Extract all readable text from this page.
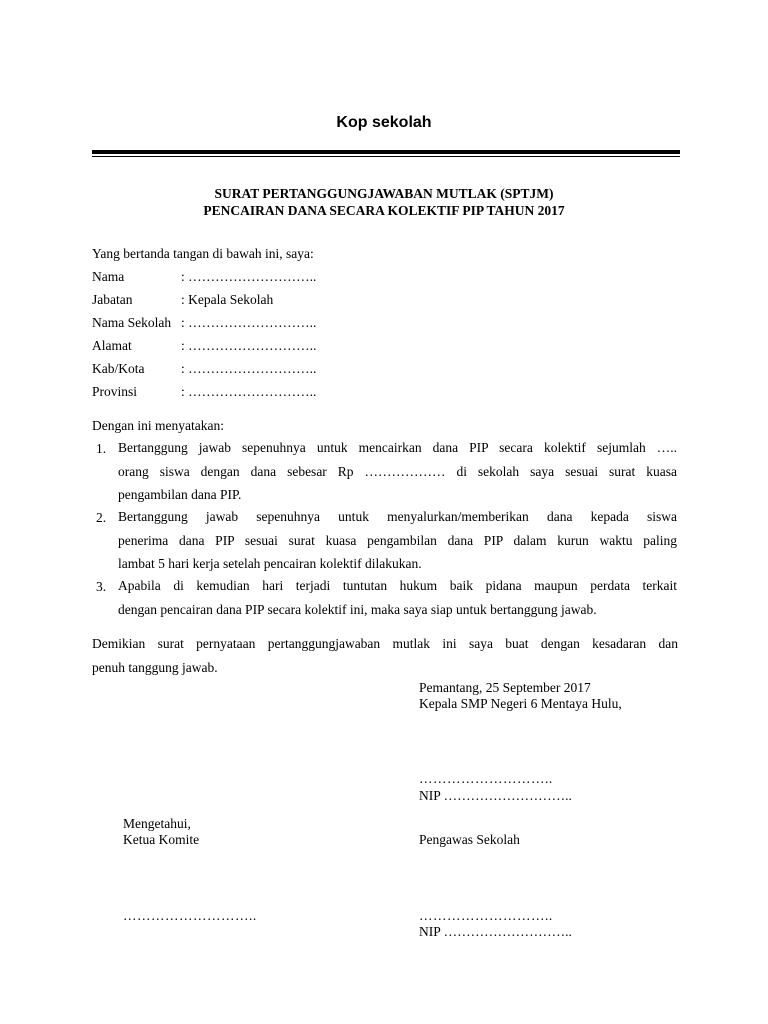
Kop sekolah
SURAT PERTANGGUNGJAWABAN MUTLAK (SPTJM)
PENCAIRAN DANA SECARA KOLEKTIF PIP TAHUN 2017
Yang bertanda tangan di bawah ini, saya:
Nama	: ………………………..
Jabatan	: Kepala Sekolah
Nama Sekolah : ………………………..
Alamat	: ………………………..
Kab/Kota	: ………………………..
Provinsi	: ………………………..
Dengan ini menyatakan:
1. Bertanggung jawab sepenuhnya untuk mencairkan dana PIP secara kolektif sejumlah …..
orang siswa dengan dana sebesar Rp ……………… di sekolah saya sesuai surat kuasa
pengambilan dana PIP.
2. Bertanggung jawab sepenuhnya untuk menyalurkan/memberikan dana kepada siswa
penerima dana PIP sesuai surat kuasa pengambilan dana PIP dalam kurun waktu paling
lambat 5 hari kerja setelah pencairan kolektif dilakukan.
3. Apabila di kemudian hari terjadi tuntutan hukum baik pidana maupun perdata terkait
dengan pencairan dana PIP secara kolektif ini, maka saya siap untuk bertanggung jawab.
Demikian surat pernyataan pertanggungjawaban mutlak ini saya buat dengan kesadaran dan
penuh tanggung jawab.
Pemantang, 25 September 2017
Kepala SMP Negeri 6 Mentaya Hulu,
………………………..
NIP ………………………..
Mengetahui,
Ketua Komite	Pengawas Sekolah
………………………..	………………………..
NIP ………………………..
